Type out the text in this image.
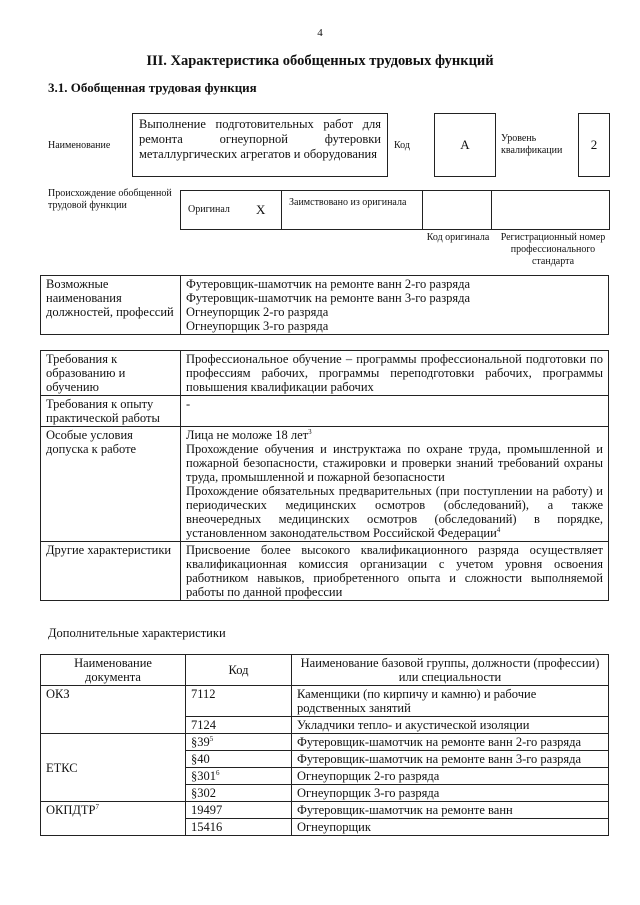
4
III. Характеристика обобщенных трудовых функций
3.1. Обобщенная трудовая функция
Наименование
Выполнение подготовительных работ для ремонта огнеупорной футеровки металлургических агрегатов и оборудования
Код	А	Уровень квалификации	2
Происхождение обобщенной трудовой функции	Оригинал X Заимствовано из оригинала
Код оригинала Регистрационный номер профессионального стандарта
Возможные наименования должностей, профессий	
Футеровщик-шамотчик на ремонте ванн 2-го разряда
Футеровщик-шамотчик на ремонте ванн 3-го разряда
Огнеупорщик 2-го разряда
Огнеупорщик 3-го разряда
Требования к образованию и обучению	Профессиональное обучение – программы профессиональной подготовки по профессиям рабочих, программы переподготовки рабочих, программы повышения квалификации рабочих
Требования к опыту практической работы	-
Особые условия допуска к работе	Лица не моложе 18 лет$^3$
Прохождение обучения и инструктажа по охране труда, промышленной и пожарной безопасности, стажировки и проверки знаний требований охраны труда, промышленной и пожарной безопасности
Прохождение обязательных предварительных (при поступлении на работу) и периодических медицинских осмотров (обследований), а также внеочередных медицинских осмотров (обследований) в порядке, установленном законодательством Российской Федерации$^4$

Другие характеристики	Присвоение более высокого квалификационного разряда осуществляет квалификационная комиссия организации с учетом уровня освоения работником навыков, приобретенного опыта и сложности выполняемой работы по данной профессии
Дополнительные характеристики
Наименование документа	Код	Наименование базовой группы, должности (профессии) или специальности
ОКЗ	7112	Каменщики (по кирпичу и камню) и рабочие родственных занятий
	7124	Укладчики тепло- и акустической изоляции
ЕТКС	$\S 39^5$	Футеровщик-шамотчик на ремонте ванн 2-го разряда
	§40	Футеровщик-шамотчик на ремонте ванн 3-го разряда
	$\S 301^6$	Огнеупорщик 2-го разряда
	§302	Огнеупорщик 3-го разряда
ОКПДТР$^7$	19497	Футеровщик-шамотчик на ремонте ванн
	15416	Огнеупорщик
